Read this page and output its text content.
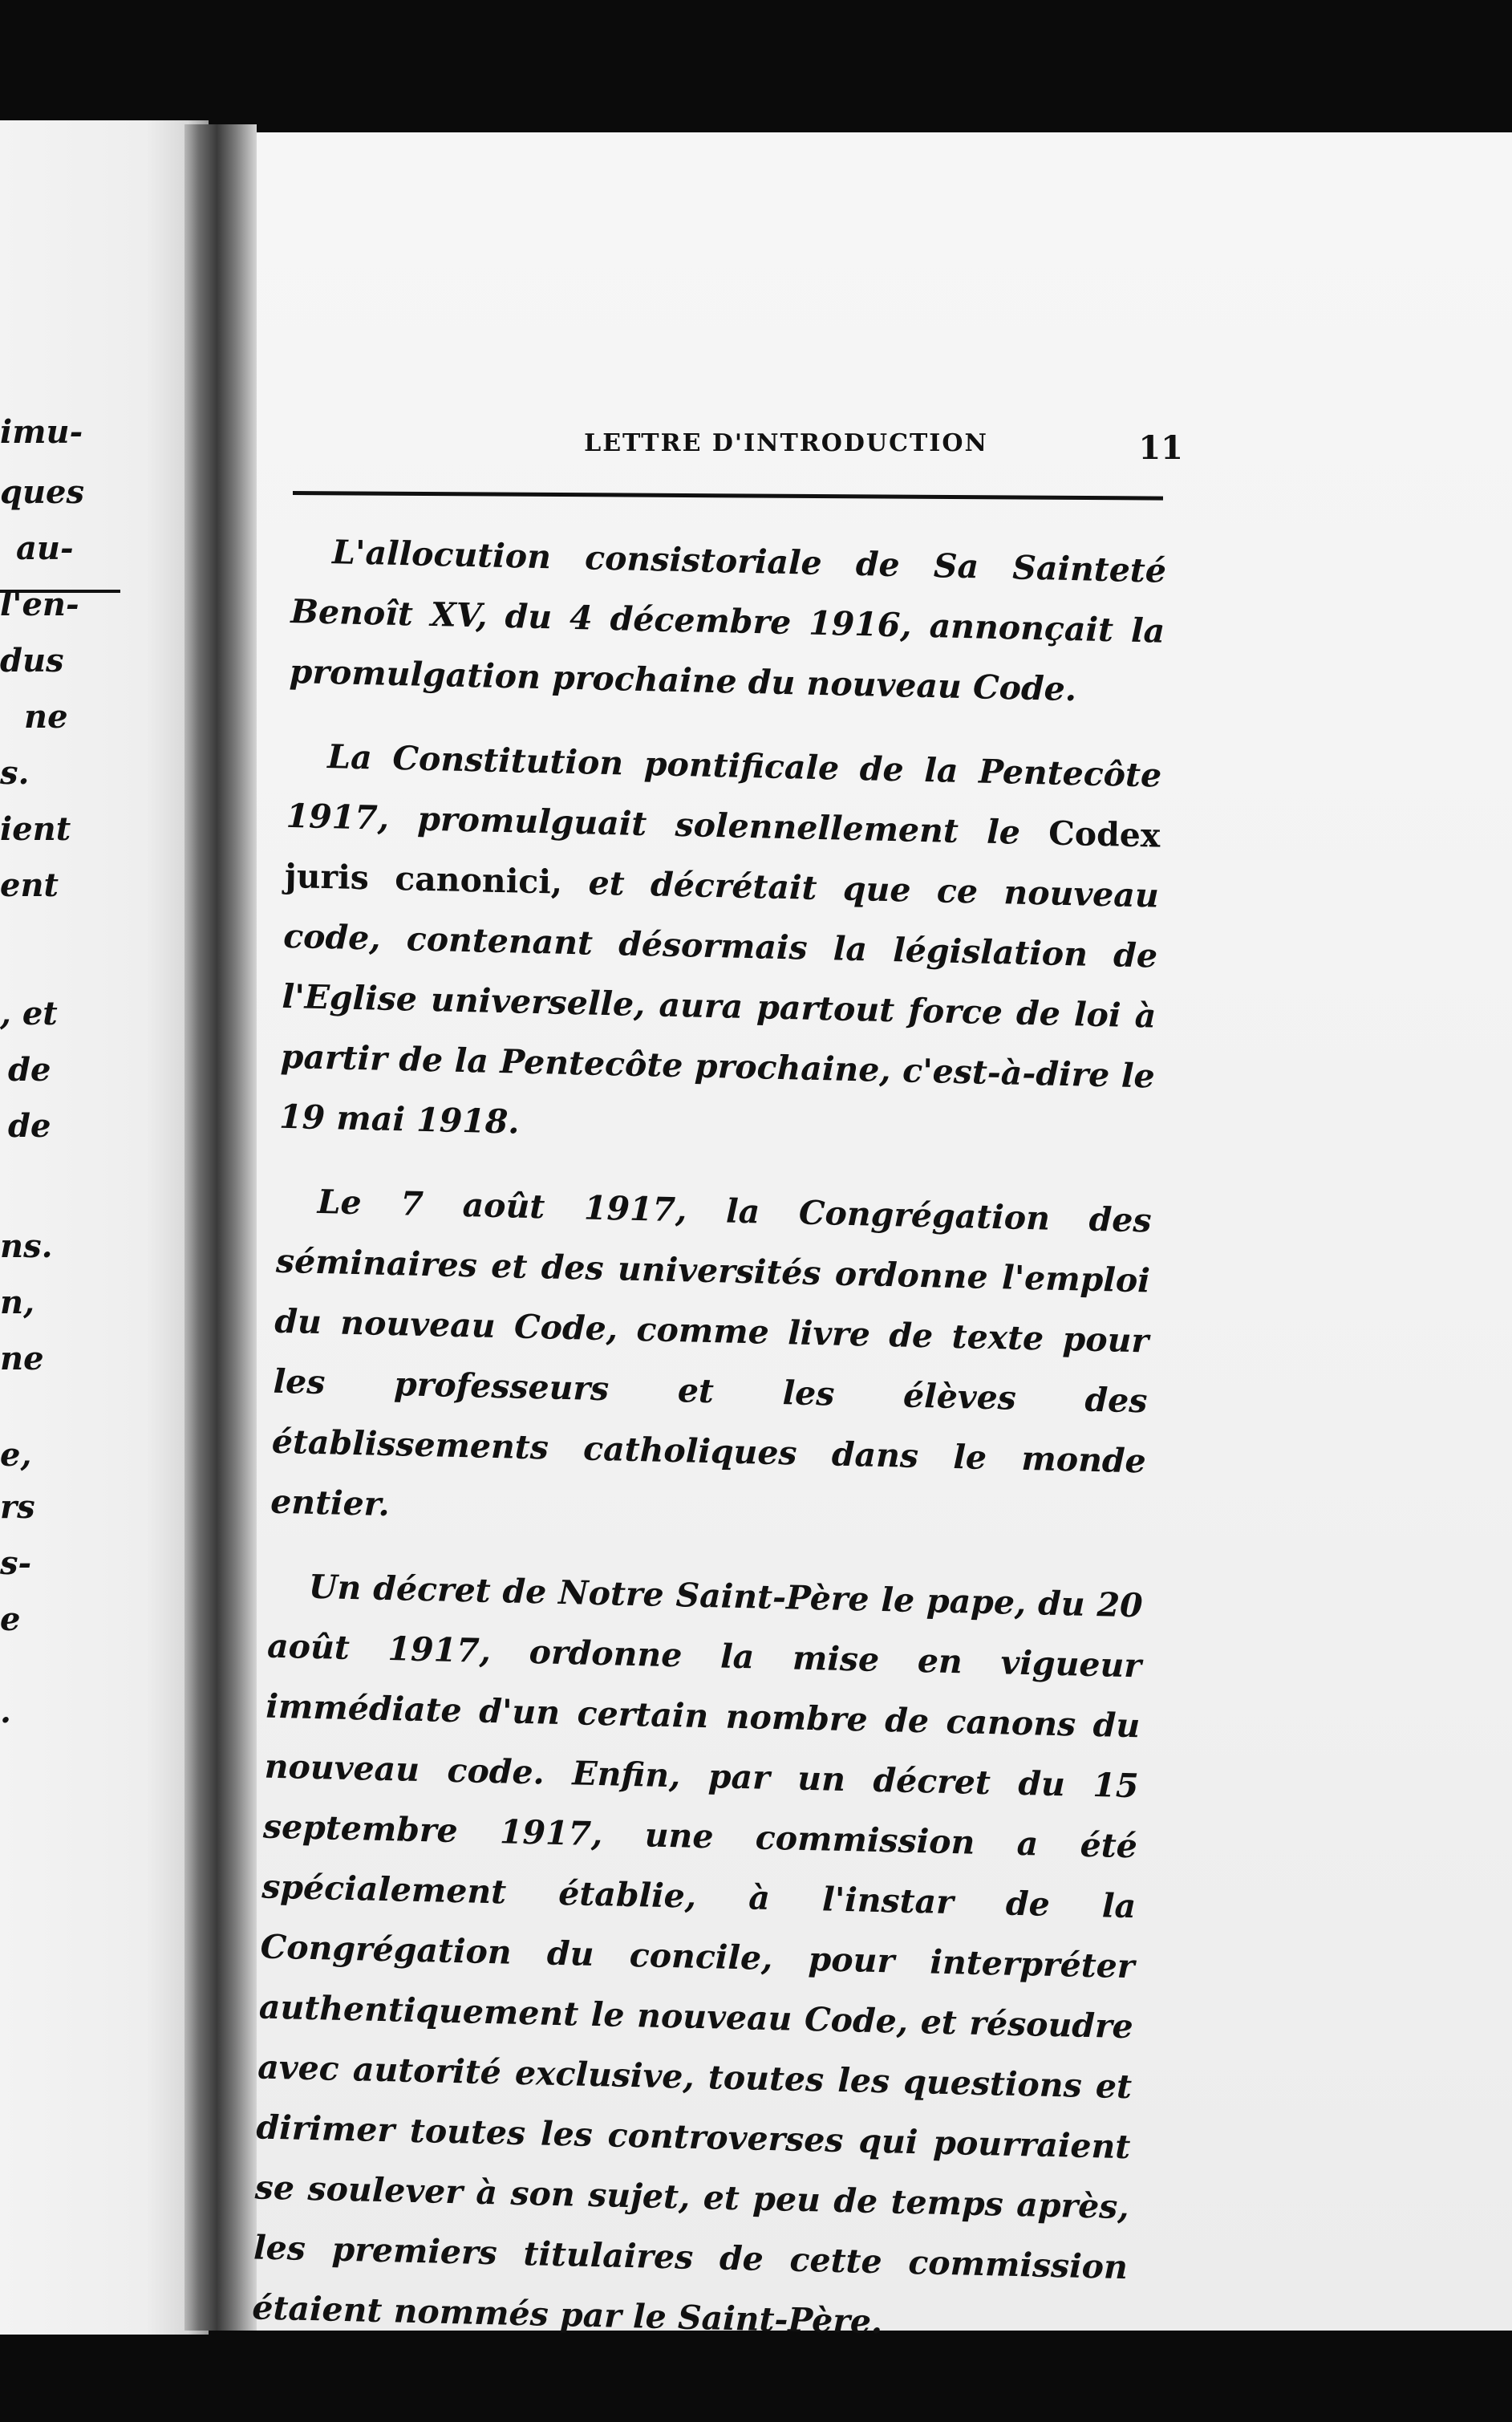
imu-
ques
au-
l'en-
dus
ne
s.
ient
ent
, et
de
de
ns.
n,
ne
e,
rs
s-
e
.
LETTRE D'INTRODUCTION	11

L'allocution consistoriale de Sa Sainteté Benoît XV, du 4 décembre 1916, annonçait la promulgation prochaine du nouveau Code.

La Constitution pontificale de la Pentecôte 1917, promulguait solennellement le Codex juris canonici, et décrétait que ce nouveau code, contenant désormais la législation de l'Eglise universelle, aura partout force de loi à partir de la Pentecôte prochaine, c'est-à-dire le 19 mai 1918.

Le 7 août 1917, la Congrégation des séminaires et des universités ordonne l'emploi du nouveau Code, comme livre de texte pour les professeurs et les élèves des établissements catholiques dans le monde entier.

Un décret de Notre Saint-Père le pape, du 20 août 1917, ordonne la mise en vigueur immédiate d'un certain nombre de canons du nouveau code. Enfin, par un décret du 15 septembre 1917, une commission a été spécialement établie, à l'instar de la Congrégation du concile, pour interpréter authentiquement le nouveau Code, et résoudre avec autorité exclusive, toutes les questions et dirimer toutes les controverses qui pourraient se soulever à son sujet, et peu de temps après, les premiers titulaires de cette commission étaient nommés par le Saint-Père.
